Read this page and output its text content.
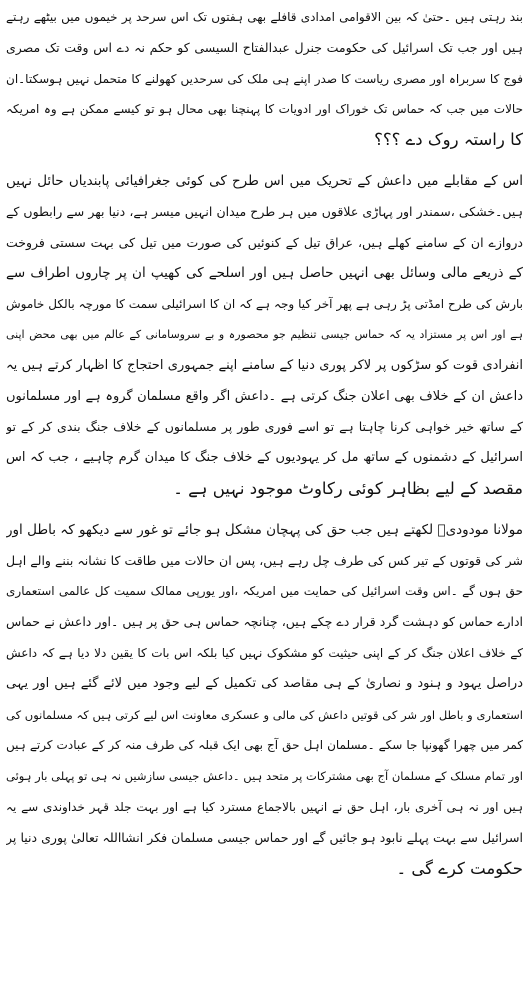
بند رہتی ہیں ۔حتیٰ کہ بین الاقوامی امدادی قافلے بھی ہفتوں تک اس سرحد پر خیموں میں بیٹھے رہتے
ہیں اور جب تک اسرائیل کی حکومت جنرل عبدالفتاح السیسی کو حکم نہ دے اس وقت تک مصری
فوج کا سربراہ اور مصری ریاست کا صدر اپنے ہی ملک کی سرحدیں کھولنے کا متحمل نہیں ہوسکتا۔ان
حالات میں جب کہ حماس تک خوراک اور ادویات کا پہنچنا بھی محال ہو تو کیسے ممکن ہے وہ امریکہ
کا راستہ روک دے ؟؟؟
اس کے مقابلے میں داعش کے تحریک میں اس طرح کی کوئی جغرافیائی پابندیاں حائل نہیں
ہیں۔خشکی ،سمندر اور پہاڑی علاقوں میں ہر طرح میدان انہیں میسر ہے، دنیا بھر سے رابطوں کے
دروازے ان کے سامنے کھلے ہیں، عراق تیل کے کنوئیں کی صورت میں تیل کی بہت سستی فروخت
کے ذریعے مالی وسائل بھی انہیں حاصل ہیں اور اسلحے کی کھیپ ان پر چاروں اطراف سے
بارش کی طرح امڈتی پڑ رہی ہے پھر آخر کیا وجہ ہے کہ ان کا اسرائیلی سمت کا مورچہ بالکل خاموش
ہے اور اس پر مستزاد یہ کہ حماس جیسی تنظیم جو محصورہ و بے سروسامانی کے عالم میں بھی محض اپنی
انفرادی قوت کو سڑکوں پر لاکر پوری دنیا کے سامنے اپنے جمہوری احتجاج کا اظہار کرتے ہیں یہ
داعش ان کے خلاف بھی اعلان جنگ کرتی ہے ۔داعش اگر واقع مسلمان گروہ ہے اور مسلمانوں
کے ساتھ خیر خواہی کرنا چاہتا ہے تو اسے فوری طور پر مسلمانوں کے خلاف جنگ بندی کر کے تو
اسرائیل کے دشمنوں کے ساتھ مل کر یہودیوں کے خلاف جنگ کا میدان گرم چاہیے ، جب کہ اس
مقصد کے لیے بظاہر کوئی رکاوٹ موجود نہیں ہے ۔
مولانا مودودیؒ لکھتے ہیں جب حق کی پہچان مشکل ہو جائے تو غور سے دیکھو کہ باطل اور
شر کی قوتوں کے تیر کس کی طرف چل رہے ہیں، پس ان حالات میں طاقت کا نشانہ بننے والے اہل
حق ہوں گے ۔اس وقت اسرائیل کی حمایت میں امریکہ ،اور یورپی ممالک سمیت کل عالمی استعماری
ادارے حماس کو دہشت گرد قرار دے چکے ہیں، چنانچہ حماس ہی حق پر ہیں ۔اور داعش نے حماس
کے خلاف اعلان جنگ کر کے اپنی حیثیت کو مشکوک نہیں کیا بلکہ اس بات کا یقین دلا دیا ہے کہ داعش
دراصل یہود و ہنود و نصاریٰ کے ہی مقاصد کی تکمیل کے لیے وجود میں لائے گئے ہیں اور یہی
استعماری و باطل اور شر کی قوتیں داعش کی مالی و عسکری معاونت اس لیے کرتی ہیں کہ مسلمانوں کی
کمر میں چھرا گھونپا جا سکے ۔مسلمان اہل حق آج بھی ایک قبلہ کی طرف منہ کر کے عبادت کرتے ہیں
اور تمام مسلک کے مسلمان آج بھی مشترکات پر متحد ہیں ۔داعش جیسی سازشیں نہ ہی تو پہلی بار ہوئی
ہیں اور نہ ہی آخری بار، اہل حق نے انہیں بالاجماع مسترد کیا ہے اور بہت جلد قہر خداوندی سے یہ
اسرائیل سے بہت پہلے نابود ہو جائیں گے اور حماس جیسی مسلمان فکر انشااللہ تعالیٰ پوری دنیا پر
حکومت کرے گی ۔
